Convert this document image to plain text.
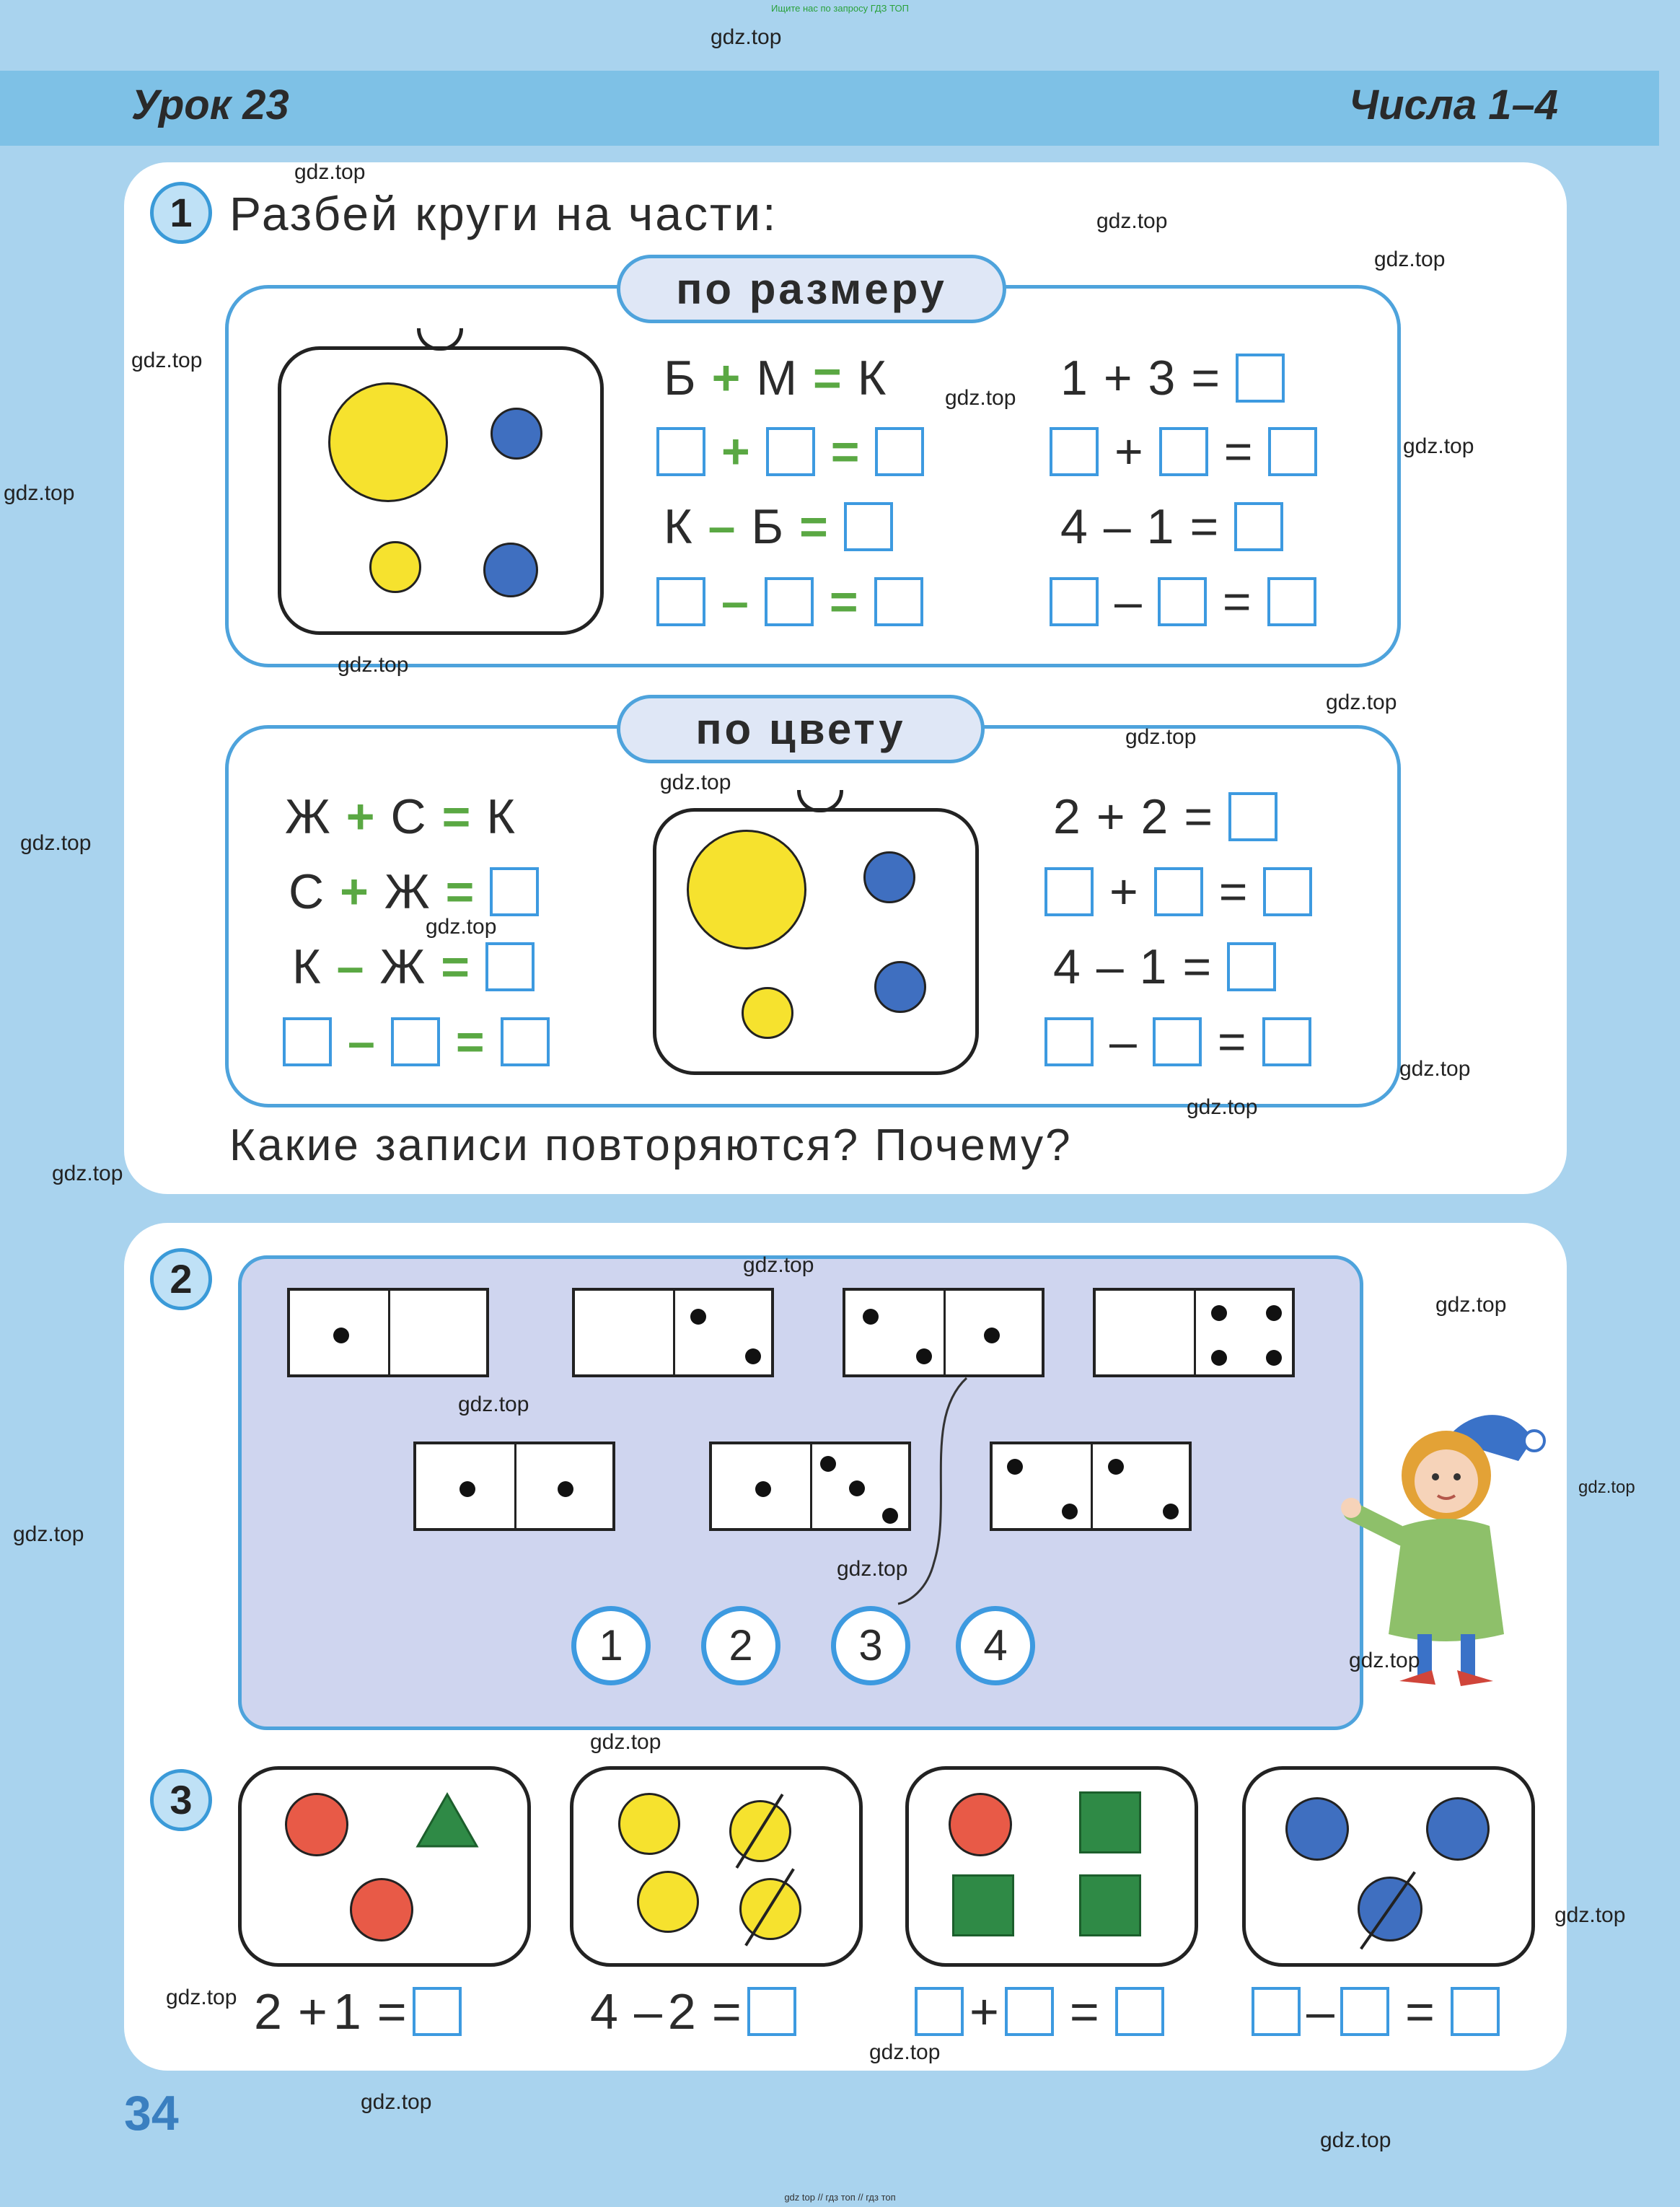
Ищите нас по запросу ГДЗ ТОП
Урок 23	Числа 1–4
1 Разбей круги на части:
по размеру
Б + М = К
+ =
К – Б =
– =
1 + 3 =
+ =
4 – 1 =
– =
по цвету
Ж + С = К
С + Ж =
К – Ж =
– =
2 + 2 =
+ =
4 – 1 =
– =
Какие записи повторяются? Почему?
2
1	2	3	4
3
2 + 1 =	4 – 2 =	+ =	– =
34
gdz.top
gdz.top
gdz.top
gdz.top
gdz.top
gdz.top
gdz.top
gdz.top
gdz.top
gdz.top
gdz.top
gdz.top
gdz.top
gdz.top
gdz.top
gdz.top
gdz.top
gdz.top
gdz.top
gdz.top
gdz.top
gdz.top
gdz.top
gdz.top
gdz.top
gdz.top
gdz.top
gdz.top
gdz.top
gdz.top
gdz top // гдз топ // гдз топ
